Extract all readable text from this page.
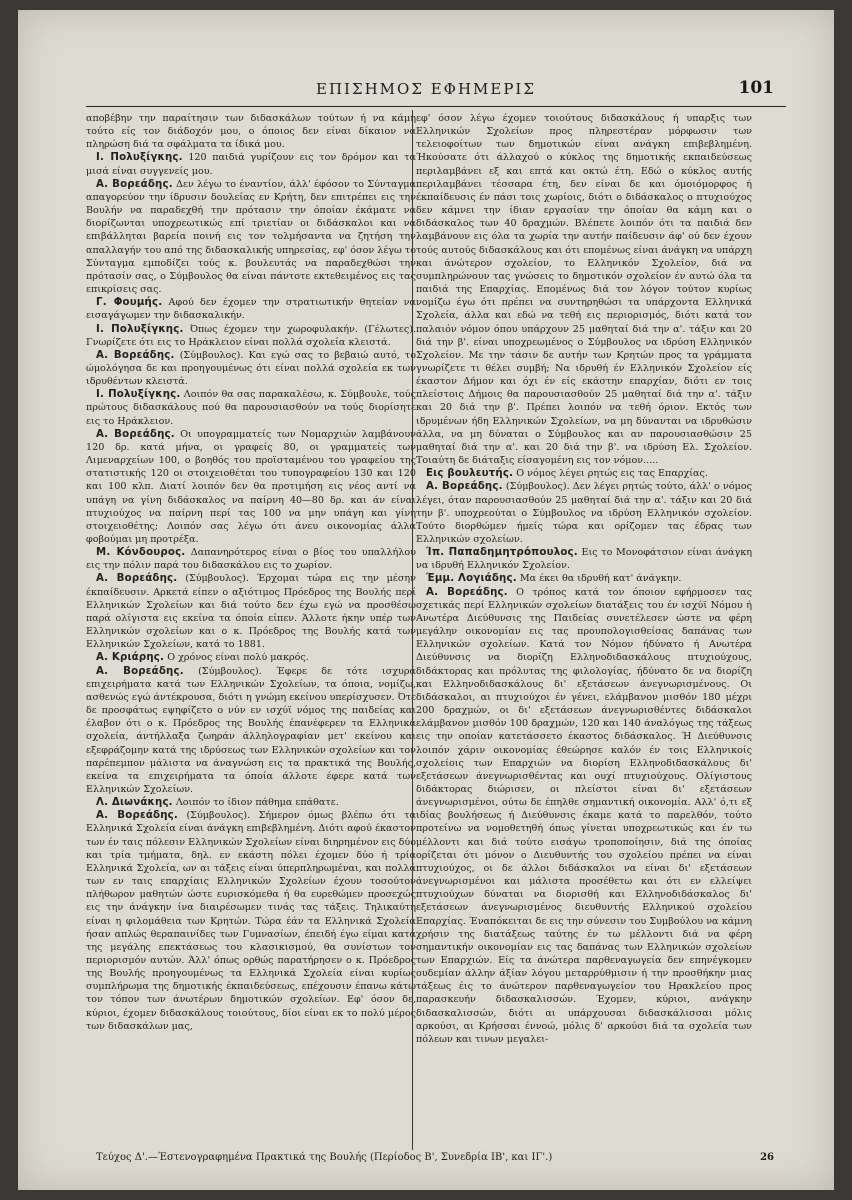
ΕΠΙΣΗΜΟΣ ΕΦΗΜΕΡΙΣ	101

αποβέβην την παραίτησιν των διδασκάλων τούτων ή να κάμη τούτο είς τον διάδοχόν μου, ο όποιος δεν είναι δίκαιον να πληρώση διά τα σφάλματα τα ίδικά μου.

Ι. Πολυξίγκης. 120 παιδιά γυρίζουν εις τον δρόμον και τα μισά είναι συγγενείς μου.

Α. Βορεάδης. Δεν λέγω το έναντίον, άλλ' έφόσον το Σύνταγμα απαγορεύον την ίδρυσιν δουλείας εν Κρήτη, δεν επιτρέπει εις την Βουλήν να παραδεχθή την πρότασιν την όποίαν έκάματε να διορίζωνται υποχρεωτικώς επί τριετίαν οι διδάσκαλοι και να επιβάλληται βαρεία ποινή εις τον τολμήσαντα να ζητήση την απαλλαγήν του από της διδασκαλικής υπηρεσίας, εφ' όσον λέγω το Σύνταγμα εμποδίζει τούς κ. βουλευτάς να παραδεχθώσι την πρότασίν σας, ο Σύμβουλος θα είναι πάντοτε εκτεθειμένος εις τας επικρίσεις σας.

Γ. Φουμής. Αφού δεν έχομεν την στρατιωτικήν θητείαν να εισαγάγωμεν την διδασκαλικήν.

Ι. Πολυξίγκης. Όπως έχομεν την χωροφυλακήν. (Γέλωτες). Γνωρίζετε ότι εις το Ηράκλειον είναι πολλά σχολεία κλειστά.

Α. Βορεάδης. (Σύμβουλος). Και εγώ σας το βεβαιώ αυτό, το ώμολόγησα δε και προηγουμένως ότι είναι πολλά σχολεία εκ των ιδρυθέντων κλειστά.

Ι. Πολυξίγκης. Λοιπόν θα σας παρακαλέσω, κ. Σύμβουλε, τούς πρώτους διδασκάλους πού θα παρουσιασθούν να τούς διορίσητε εις το Ηράκλειον.

Α. Βορεάδης. Οι υπογραμματείς των Νομαρχιών λαμβάνουν 120 δρ. κατά μήνα, οι γραφείς 80, οι γραμματείς των Λιμεναρχείων 100, ο βοηθός του προϊσταμένου του γραφείου της στατιστικής 120 οι στοιχειοθέται του τυπογραφείου 130 και 120 και 100 κλπ. Διατί λοιπόν δεν θα προτιμήση εις νέος αντί να υπάγη να γίνη διδάσκαλος να παίρνη 40—80 δρ. και άν είναι πτυχιούχος να παίρνη περί τας 100 να μην υπάγη και γίνη στοιχειοθέτης; Λοιπόν σας λέγω ότι άνευ οικονομίας άλλα φοβούμαι μη προτρέξα.

Μ. Κόνδουρος. Δαπανηρότερος είναι ο βίος του υπαλλήλου εις την πόλιν παρά του διδασκάλου εις το χωρίον.

Α. Βορεάδης. (Σύμβουλος). Έρχομαι τώρα εις την μέσην έκπαίδευσιν. Αρκετά είπεν ο αξιότιμος Πρόεδρος της Βουλής περί Ελληνικών Σχολείων και διά τούτο δεν έχω εγώ να προσθέσω παρά ολίγιστα εις εκείνα τα όποία είπεν. Άλλοτε ήκην υπέρ των Ελληνικών σχολείων και ο κ. Πρόεδρος της Βουλής κατά των Ελληνικών Σχολείων, κατά το 1881.

Α. Κριάρης. Ο χρόνος είναι πολύ μακρός.

Α. Βορεάδης. (Σύμβουλος). Έφερε δε τότε ισχυρά επιχειρήματα κατά των Ελληνικών Σχολείων, τα όποια, νομίζω, ασθενώς εγώ άντέκρουσα, διότι η γνώμη εκείνου υπερίσχυσεν. Ότε δε προσφάτως εψηφίζετο ο νύν εν ισχύϊ νόμος της παιδείας και έλαβον ότι ο κ. Πρόεδρος της Βουλής έπανέφερεν τα Ελληνικά σχολεία, άντήλλαξα ζωηράν άλληλογραφίαν μετ' εκείνου και εξεφράζομην κατά της ιδρύσεως των Ελληνικών σχολείων και τον παρέπεμπον μάλιστα να άναγνώση εις τα πρακτικά της Βουλής, εκείνα τα επιχειρήματα τα όποία άλλοτε έφερε κατά των Ελληνικών Σχολείων.

Λ. Διωνάκης. Λοιπόν το ίδιον πάθημα επάθατε.

Α. Βορεάδης. (Σύμβουλος). Σήμερον όμως βλέπω ότι τα Ελληνικά Σχολεία είναι άνάγκη επιβεβλημένη. Διότι αφού έκαστον των έν ταις πόλεσιν Ελληνικών Σχολείων είναι διηρημένον εις δύο και τρία τμήματα, δηλ. εν εκάστη πόλει έχομεν δύο ή τρία Ελληνικά Σχολεία, ων αι τάξεις είναι ύπερπληρωμέναι, και πολλά των εν ταις επαρχίαις Ελληνικών Σχολείων έχουν τοσούτον πλήθωρον μαθητών ώστε ευρισκόμεθα ή θα ευρεθώμεν προσεχώς εις την άνάγκην ίνα διαιρέσωμεν τινάς τας τάξεις. Τηλικαύτη είναι η φιλομάθεια των Κρητών. Τώρα έάν τα Ελληνικά Σχολεία ήσαν απλώς θεραπαινίδες των Γυμνασίων, έπειδή έγω είμαι κατά της μεγάλης επεκτάσεως του κλασικισμού, θα συνίστων τον περιορισμόν αυτών. Άλλ' όπως ορθώς παρατήρησεν ο κ. Πρόεδρος της Βουλής προηγουμένως τα Ελληνικά Σχολεία είναι κυρίως συμπλήρωμα της δημοτικής έκπαιδεύσεως, επέχουσιν έπανω κάτω τον τόπον των άνωτέρων δημοτικών σχολείων. Εφ' όσον δε, κύριοι, έχομεν διδασκάλους τοιούτους, δίοι είναι εκ το πολύ μέρος των διδασκάλων μας,

εφ' όσον λέγω έχομεν τοιούτους διδασκάλους ή υπαρξις των Ελληνικών Σχολείων προς πληρεστέραν μόρφωσιν των τελειοφοίτων των δημοτικών είναι ανάγκη επιβεβλημένη. Ήκούσατε ότι άλλαχού ο κύκλος της δημοτικής εκπαιδεύσεως περιλαμβάνει εξ και επτά και οκτώ έτη. Εδώ ο κύκλος αυτής περιλαμβάνει τέσσαρα έτη, δεν είναι δε και όμοιόμορφος ή έκπαίδευσις έν πάσι τοις χωρίοις, διότι ο διδάσκαλος ο πτυχιούχος δεν κάμνει την ίδιαν εργασίαν την όποίαν θα κάμη και ο διδάσκαλος των 40 δραχμών. Βλέπετε λοιπόν ότι τα παιδιά δεν λαμβάνουν εις όλα τα χωρία την αυτήν παίδευσιν άφ' ού δεν έχουν τούς αυτούς διδασκάλους και ότι επομένως είναι άνάγκη να υπάρχη και άνώτερον σχολείον, το Ελληνικόν Σχολείον, διά να συμπληρώνουν τας γνώσεις το δημοτικόν σχολείον έν αυτώ όλα τα παιδιά της Επαρχίας. Επομένως διά τον λόγον τούτον κυρίως νομίζω έγω ότι πρέπει να συντηρηθώσι τα υπάρχοντα Ελληνικά Σχολεία, άλλα και εδώ να τεθή εις περιορισμός, διότι κατά τον παλαιόν νόμον όπου υπάρχουν 25 μαθηταί διά την α'. τάξιν και 20 διά την β'. είναι υποχρεωμένος ο Σύμβουλος να ιδρύση Ελληνικόν Σχολείον. Με την τάσιν δε αυτήν των Κρητών προς τα γράμματα γνωρίζετε τι θέλει συμβή; Να ιδρυθή έν Ελληνικόν Σχολείον είς έκαστον Δήμον και όχι έν είς εκάστην επαρχίαν, διότι εν τοις πλείστοις Δήμοις θα παρουσιασθούν 25 μαθηταί διά την α'. τάξιν και 20 διά την β'. Πρέπει λοιπόν να τεθή όριον. Εκτός των ιδρυμένων ήδη Ελληνικών Σχολείων, να μη δύνανται να ιδρυθώσιν άλλα, να μη δύναται ο Σύμβουλος και αν παρουσιασθώσιν 25 μαθηταί διά την α'. και 20 διά την β'. να ιδρύση Ελ. Σχολείον. Τοιαύτη δε διάταξις είσαγομένη εις τον νόμον.....

Εις βουλευτής. Ο νόμος λέγει ρητώς εις τας Επαρχίας.

Α. Βορεάδης. (Σύμβουλος). Δεν λέγει ρητώς τούτο, άλλ' ο νόμος λέγει, όταν παρουσιασθούν 25 μαθηταί διά την α'. τάξιν και 20 διά την β'. υποχρεούται ο Σύμβουλος να ιδρύση Ελληνικόν σχολείον. Τούτο διορθώμεν ήμείς τώρα και ορίζομεν τας έδρας των Ελληνικών σχολείων.

Ίπ. Παπαδημητρόπουλος. Εις το Μονοφάτσιον είναι άνάγκη να ιδρυθή Ελληνικόν Σχολείον.

Έμμ. Λογιάδης. Μα έκει θα ιδρυθή κατ' άνάγκην.

Α. Βορεάδης. Ο τρόπος κατά τον όποιον εφήρμοσεν τας σχετικάς περί Ελληνικών σχολείων διατάξεις του έν ισχύϊ Νόμου ή Ανωτέρα Διεύθυνσις της Παιδείας συνετέλεσεν ώστε να φέρη μεγάλην οικονομίαν εις τας προυπολογισθείσας δαπάνας των Ελληνικών σχολείων. Κατά τον Νόμον ήδύνατο ή Ανωτέρα Διεύθυνσις να διορίζη Ελληνοδιδασκάλους πτυχιούχους, διδάκτορας και πρόλυτας της φιλολογίας, ήδύνατο δε να διορίζη και Ελληνοδιδασκάλους δι' εξετάσεων άνεγνωρισμένους. Οι διδάσκαλοι, αι πτυχιούχοι έν γένει, ελάμβανον μισθόν 180 μέχρι 200 δραχμών, οι δι' εξετάσεων άνεγνωρισθέντες διδάσκαλοι ελάμβανον μισθόν 100 δραχμών, 120 και 140 άναλόγως της τάξεως εις την οποίαν κατετάσσετο έκαστος διδάσκαλος. Ή Διεύθυνσις λοιπόν χάριν οικονομίας έθεώρησε καλόν έν τοις Ελληνικοίς σχολείοις των Επαρχιών να διορίση Ελληνοδιδασκάλους δι' εξετάσεων άνεγνωρισθέντας και ουχί πτυχιούχους. Ολίγιστους διδάκτορας διώρισεν, οι πλείστοι είναι δι' εξετάσεων άνεγνωρισμένοι, ούτω δε έπηλθε σημαντική οικονομία. Αλλ' ό,τι εξ ιδίας βουλήσεως ή Διεύθυνσις έκαμε κατά το παρελθόν, τούτο προτείνω να νομοθετηθή όπως γίνεται υποχρεωτικώς και έν τω μέλλοντι και διά τούτο εισάγω τροποποίησιν, διά της όποίας ορίζεται ότι μόνον ο Διευθυντής του σχολείου πρέπει να είναι πτυχιούχος, οι δε άλλοι διδάσκαλοι να είναι δι' εξετάσεων άνεγνωρισμένοι και μάλιστα προσέθετω και ότι εν ελλείψει πτυχιούχων δύναται να διορισθή και Ελληνοδιδάσκαλος δι' εξετάσεων άνεγνωρισμένος διευθυντής Ελληνικού σχολείου Επαρχίας. Έναπόκειται δε εις την σύνεσιν του Συμβούλου να κάμνη χρήσιν της διατάξεως ταύτης έν τω μέλλοντι διά να φέρη σημαντικήν οικονομίαν εις τας δαπάνας των Ελληνικών σχολείων των Επαρχιών. Είς τα άνώτερα παρθεναγωγεία δεν επηνέγκομεν ουδεμίαν άλλην άξίαν λόγου μεταρρύθμισιν ή την προσθήκην μιας τάξεως έις το άνώτερον παρθεναγωγείον του Ηρακλείου προς παρασκευήν διδασκαλισσών. Έχομεν, κύριοι, ανάγκην διδασκαλισσών, διότι αι υπάρχουσαι διδασκάλισσαι μόλις αρκούσι, αι Κρήσσαι έννοώ, μόλις δ' αρκούσι διά τα σχολεία των πόλεων και τινων μεγαλει-

Τεύχος Δ'.—Έστενογραφημένα Πρακτικά της Βουλής (Περίοδος Β', Συνεδρία ΙΒ', και ΙΓ'.)	26
